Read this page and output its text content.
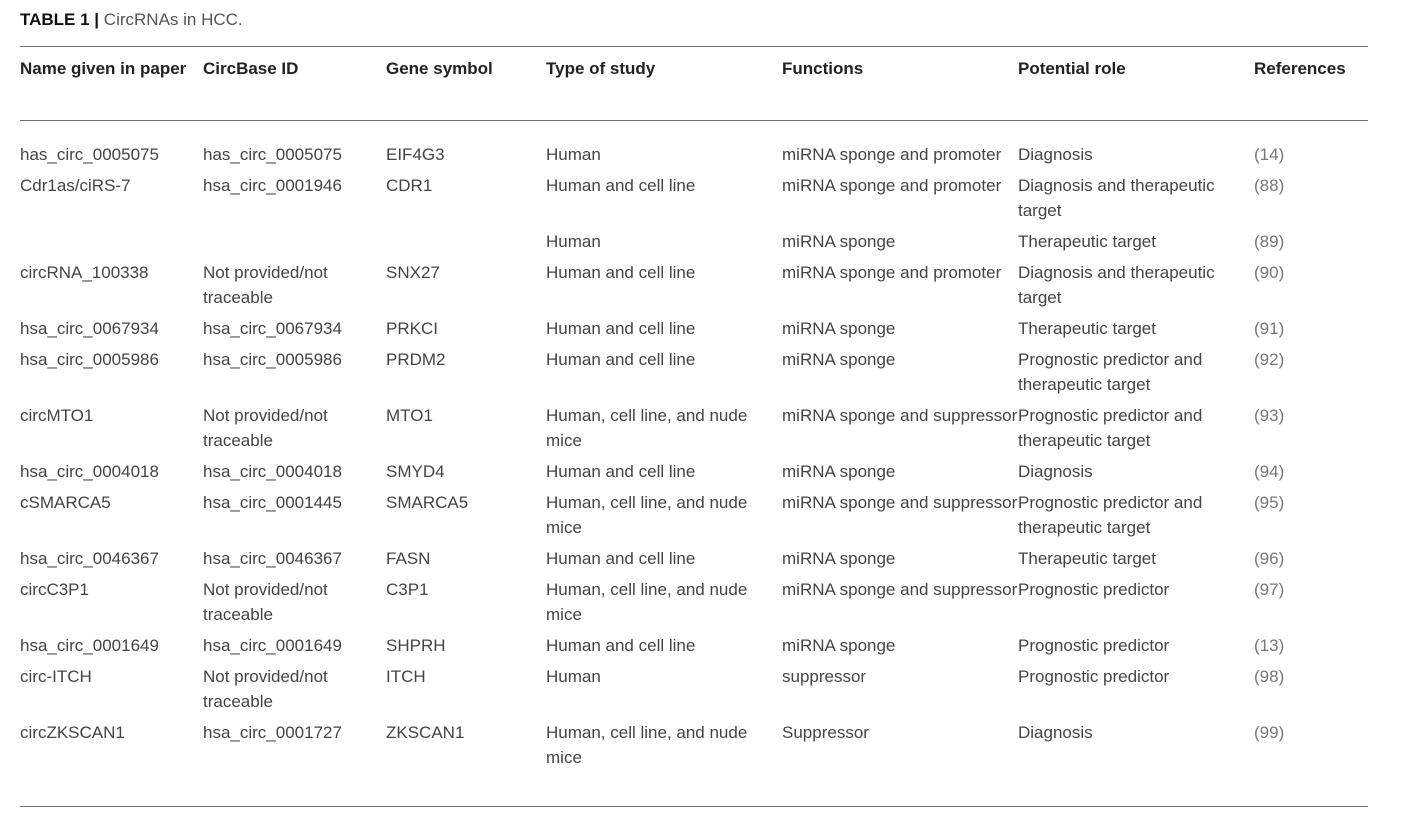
TABLE 1 | CircRNAs in HCC.
Name given in paper	CircBase ID	Gene symbol	Type of study	Functions	Potential role	References
has_circ_0005075	has_circ_0005075	EIF4G3	Human	miRNA sponge and promoter	Diagnosis	(14)
Cdr1as/ciRS-7	hsa_circ_0001946	CDR1	Human and cell line	miRNA sponge and promoter	Diagnosis and therapeutic target	(88)
			Human	miRNA sponge	Therapeutic target	(89)
circRNA_100338	Not provided/not traceable	SNX27	Human and cell line	miRNA sponge and promoter	Diagnosis and therapeutic target	(90)
hsa_circ_0067934	hsa_circ_0067934	PRKCI	Human and cell line	miRNA sponge	Therapeutic target	(91)
hsa_circ_0005986	hsa_circ_0005986	PRDM2	Human and cell line	miRNA sponge	Prognostic predictor and therapeutic target	(92)
circMTO1	Not provided/not traceable	MTO1	Human, cell line, and nude mice	miRNA sponge and suppressor	Prognostic predictor and therapeutic target	(93)
hsa_circ_0004018	hsa_circ_0004018	SMYD4	Human and cell line	miRNA sponge	Diagnosis	(94)
cSMARCA5	hsa_circ_0001445	SMARCA5	Human, cell line, and nude mice	miRNA sponge and suppressor	Prognostic predictor and therapeutic target	(95)
hsa_circ_0046367	hsa_circ_0046367	FASN	Human and cell line	miRNA sponge	Therapeutic target	(96)
circC3P1	Not provided/not traceable	C3P1	Human, cell line, and nude mice	miRNA sponge and suppressor	Prognostic predictor	(97)
hsa_circ_0001649	hsa_circ_0001649	SHPRH	Human and cell line	miRNA sponge	Prognostic predictor	(13)
circ-ITCH	Not provided/not traceable	ITCH	Human	suppressor	Prognostic predictor	(98)
circZKSCAN1	hsa_circ_0001727	ZKSCAN1	Human, cell line, and nude mice	Suppressor	Diagnosis	(99)
